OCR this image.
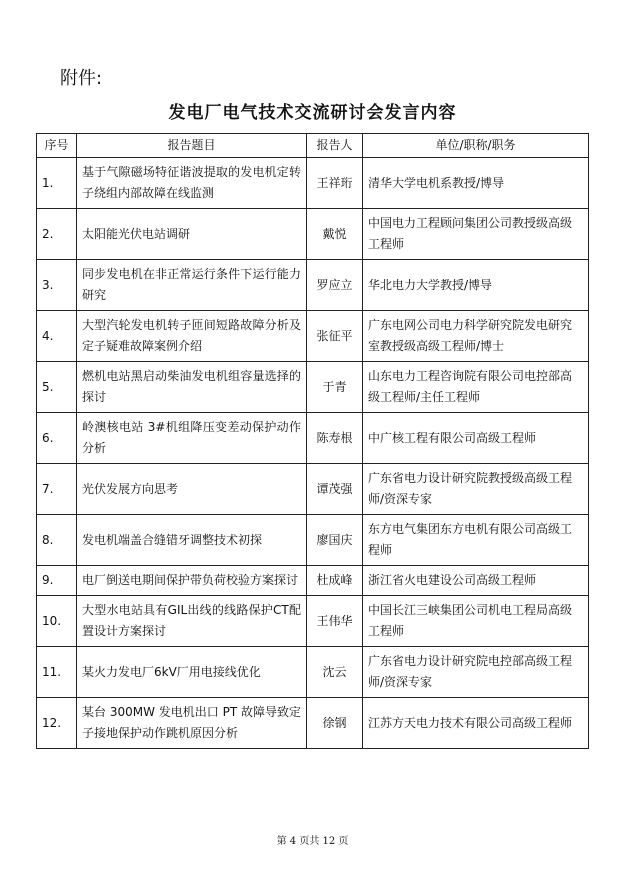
附件:
发电厂电气技术交流研讨会发言内容
序号	报告题目	报告人	单位/职称/职务
1.	基于气隙磁场特征谐波提取的发电机定转子绕组内部故障在线监测	王祥珩	清华大学电机系教授/博导
2.	太阳能光伏电站调研	戴悦	中国电力工程顾问集团公司教授级高级工程师
3.	同步发电机在非正常运行条件下运行能力研究	罗应立	华北电力大学教授/博导
4.	大型汽轮发电机转子匝间短路故障分析及定子疑难故障案例介绍	张征平	广东电网公司电力科学研究院发电研究室教授级高级工程师/博士
5.	燃机电站黑启动柴油发电机组容量选择的探讨	于青	山东电力工程咨询院有限公司电控部高级工程师/主任工程师
6.	岭澳核电站 3#机组降压变差动保护动作分析	陈寿根	中广核工程有限公司高级工程师
7.	光伏发展方向思考	谭茂强	广东省电力设计研究院教授级高级工程师/资深专家
8.	发电机端盖合缝错牙调整技术初探	廖国庆	东方电气集团东方电机有限公司高级工程师
9.	电厂倒送电期间保护带负荷校验方案探讨	杜成峰	浙江省火电建设公司高级工程师
10.	大型水电站具有GIL出线的线路保护CT配置设计方案探讨	王伟华	中国长江三峡集团公司机电工程局高级工程师
11.	某火力发电厂6kV厂用电接线优化	沈云	广东省电力设计研究院电控部高级工程师/资深专家
12.	某台 300MW 发电机出口 PT 故障导致定子接地保护动作跳机原因分析	徐钢	江苏方天电力技术有限公司高级工程师
第 4 页共 12 页
